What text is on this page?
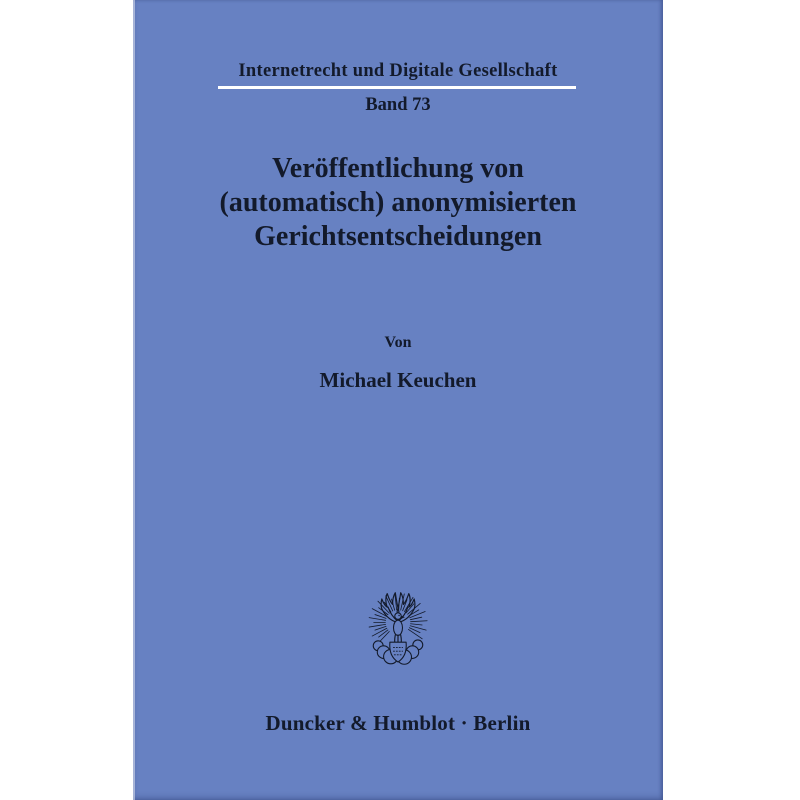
Internetrecht und Digitale Gesellschaft
Band 73
Veröffentlichung von
(automatisch) anonymisierten
Gerichtsentscheidungen
Von
Michael Keuchen
Duncker & Humblot · Berlin
